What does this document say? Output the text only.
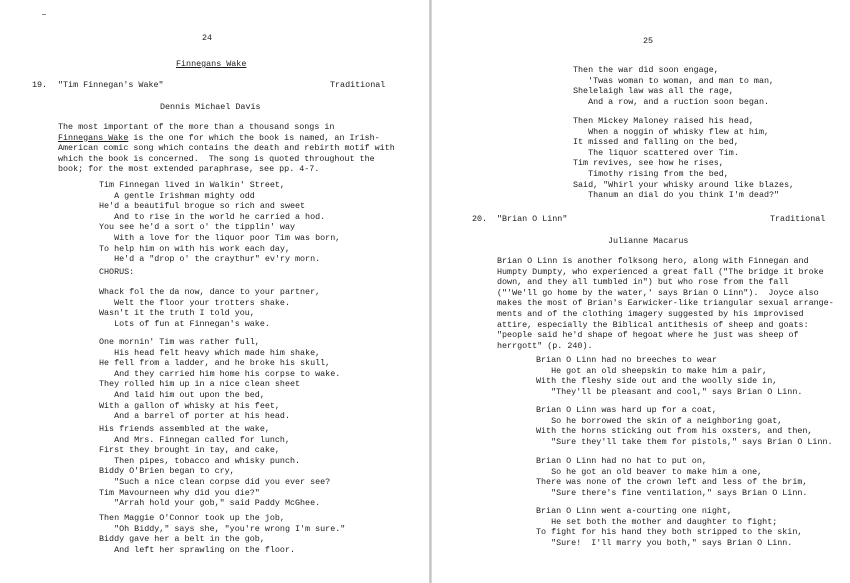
24
Finnegans Wake
19. "Tim Finnegan's Wake"	Traditional
Dennis Michael Davis
The most important of the more than a thousand songs in
Finnegans Wake is the one for which the book is named, an Irish-
American comic song which contains the death and rebirth motif with
which the book is concerned.  The song is quoted throughout the
book; for the most extended paraphrase, see pp. 4-7.
Tim Finnegan lived in Walkin' Street,
A gentle Irishman mighty odd
He'd a beautiful brogue so rich and sweet
And to rise in the world he carried a hod.
You see he'd a sort o' the tipplin' way
With a love for the liquor poor Tim was born,
To help him on with his work each day,
He'd a "drop o' the craythur" ev'ry morn.
CHORUS:
Whack fol the da now, dance to your partner,
Welt the floor your trotters shake.
Wasn't it the truth I told you,
Lots of fun at Finnegan's wake.
One mornin' Tim was rather full,
His head felt heavy which made him shake,
He fell from a ladder, and he broke his skull,
And they carried him home his corpse to wake.
They rolled him up in a nice clean sheet
And laid him out upon the bed,
With a gallon of whisky at his feet,
And a barrel of porter at his head.
His friends assembled at the wake,
And Mrs. Finnegan called for lunch,
First they brought in tay, and cake,
Then pipes, tobacco and whisky punch.
Biddy O'Brien began to cry,
"Such a nice clean corpse did you ever see?
Tim Mavourneen why did you die?"
"Arrah hold your gob," said Paddy McGhee.
Then Maggie O'Connor took up the job,
"Oh Biddy," says she, "you're wrong I'm sure."
Biddy gave her a belt in the gob,
And left her sprawling on the floor.
25
Then the war did soon engage,
'Twas woman to woman, and man to man,
Shelelaigh law was all the rage,
And a row, and a ruction soon began.
Then Mickey Maloney raised his head,
When a noggin of whisky flew at him,
It missed and falling on the bed,
The liquor scattered over Tim.
Tim revives, see how he rises,
Timothy rising from the bed,
Said, "Whirl your whisky around like blazes,
Thanum an dial do you think I'm dead?"
20. "Brian O Linn"	Traditional
Julianne Macarus
Brian O Linn is another folksong hero, along with Finnegan and
Humpty Dumpty, who experienced a great fall ("The bridge it broke
down, and they all tumbled in") but who rose from the fall
("'We'll go home by the water,' says Brian O Linn").  Joyce also
makes the most of Brian's Earwicker-like triangular sexual arrange-
ments and of the clothing imagery suggested by his improvised
attire, especially the Biblical antithesis of sheep and goats:
"people said he'd shape of hegoat where he just was sheep of
herrgott" (p. 240).
Brian O Linn had no breeches to wear
He got an old sheepskin to make him a pair,
With the fleshy side out and the woolly side in,
"They'll be pleasant and cool," says Brian O Linn.
Brian O Linn was hard up for a coat,
So he borrowed the skin of a neighboring goat,
With the horns sticking out from his oxsters, and then,
"Sure they'll take them for pistols," says Brian O Linn.
Brian O Linn had no hat to put on,
So he got an old beaver to make him a one,
There was none of the crown left and less of the brim,
"Sure there's fine ventilation," says Brian O Linn.
Brian O Linn went a-courting one night,
He set both the mother and daughter to fight;
To fight for his hand they both stripped to the skin,
"Sure!  I'll marry you both," says Brian O Linn.
